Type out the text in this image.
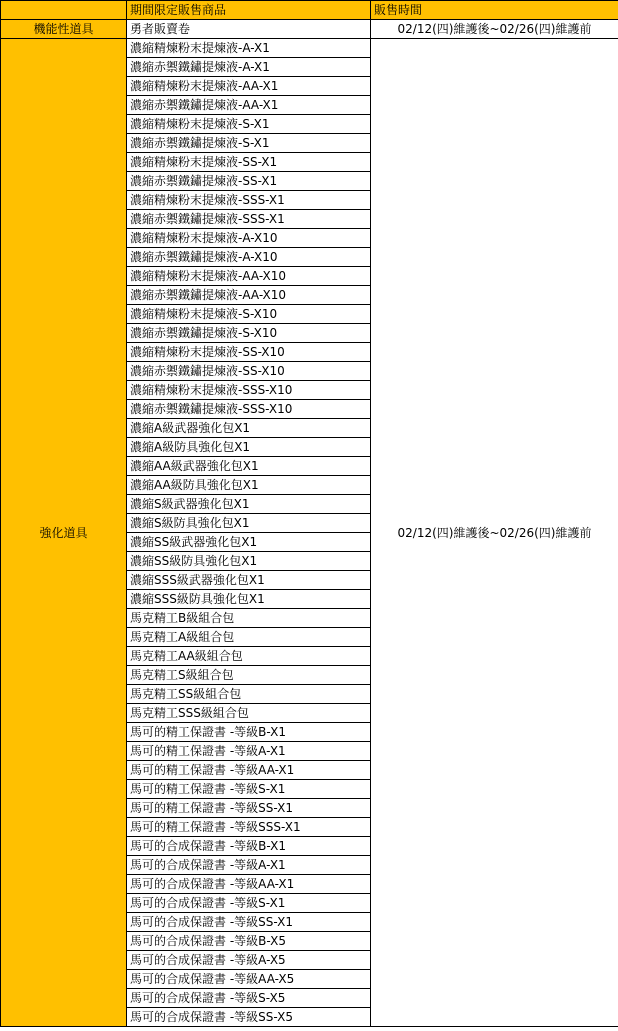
	期間限定販售商品	販售時間
機能性道具	勇者販賣卷	02/12(四)維護後~02/26(四)維護前
強化道具	濃縮精煉粉末提煉液-A-X1	02/12(四)維護後~02/26(四)維護前
	濃縮赤禦鐵鏽提煉液-A-X1	
	濃縮精煉粉末提煉液-AA-X1	
	濃縮赤禦鐵鏽提煉液-AA-X1	
	濃縮精煉粉末提煉液-S-X1	
	濃縮赤禦鐵鏽提煉液-S-X1	
	濃縮精煉粉末提煉液-SS-X1	
	濃縮赤禦鐵鏽提煉液-SS-X1	
	濃縮精煉粉末提煉液-SSS-X1	
	濃縮赤禦鐵鏽提煉液-SSS-X1	
	濃縮精煉粉末提煉液-A-X10	
	濃縮赤禦鐵鏽提煉液-A-X10	
	濃縮精煉粉末提煉液-AA-X10	
	濃縮赤禦鐵鏽提煉液-AA-X10	
	濃縮精煉粉末提煉液-S-X10	
	濃縮赤禦鐵鏽提煉液-S-X10	
	濃縮精煉粉末提煉液-SS-X10	
	濃縮赤禦鐵鏽提煉液-SS-X10	
	濃縮精煉粉末提煉液-SSS-X10	
	濃縮赤禦鐵鏽提煉液-SSS-X10	
	濃縮A級武器強化包X1	
	濃縮A級防具強化包X1	
	濃縮AA級武器強化包X1	
	濃縮AA級防具強化包X1	
	濃縮S級武器強化包X1	
	濃縮S級防具強化包X1	
	濃縮SS級武器強化包X1	
	濃縮SS級防具強化包X1	
	濃縮SSS級武器強化包X1	
	濃縮SSS級防具強化包X1	
	馬克精工B級組合包	
	馬克精工A級組合包	
	馬克精工AA級組合包	
	馬克精工S級組合包	
	馬克精工SS級組合包	
	馬克精工SSS級組合包	
	馬可的精工保證書 -等級B-X1	
	馬可的精工保證書 -等級A-X1	
	馬可的精工保證書 -等級AA-X1	
	馬可的精工保證書 -等級S-X1	
	馬可的精工保證書 -等級SS-X1	
	馬可的精工保證書 -等級SSS-X1	
	馬可的合成保證書 -等級B-X1	
	馬可的合成保證書 -等級A-X1	
	馬可的合成保證書 -等級AA-X1	
	馬可的合成保證書 -等級S-X1	
	馬可的合成保證書 -等級SS-X1	
	馬可的合成保證書 -等級B-X5	
	馬可的合成保證書 -等級A-X5	
	馬可的合成保證書 -等級AA-X5	
	馬可的合成保證書 -等級S-X5	
	馬可的合成保證書 -等級SS-X5	
